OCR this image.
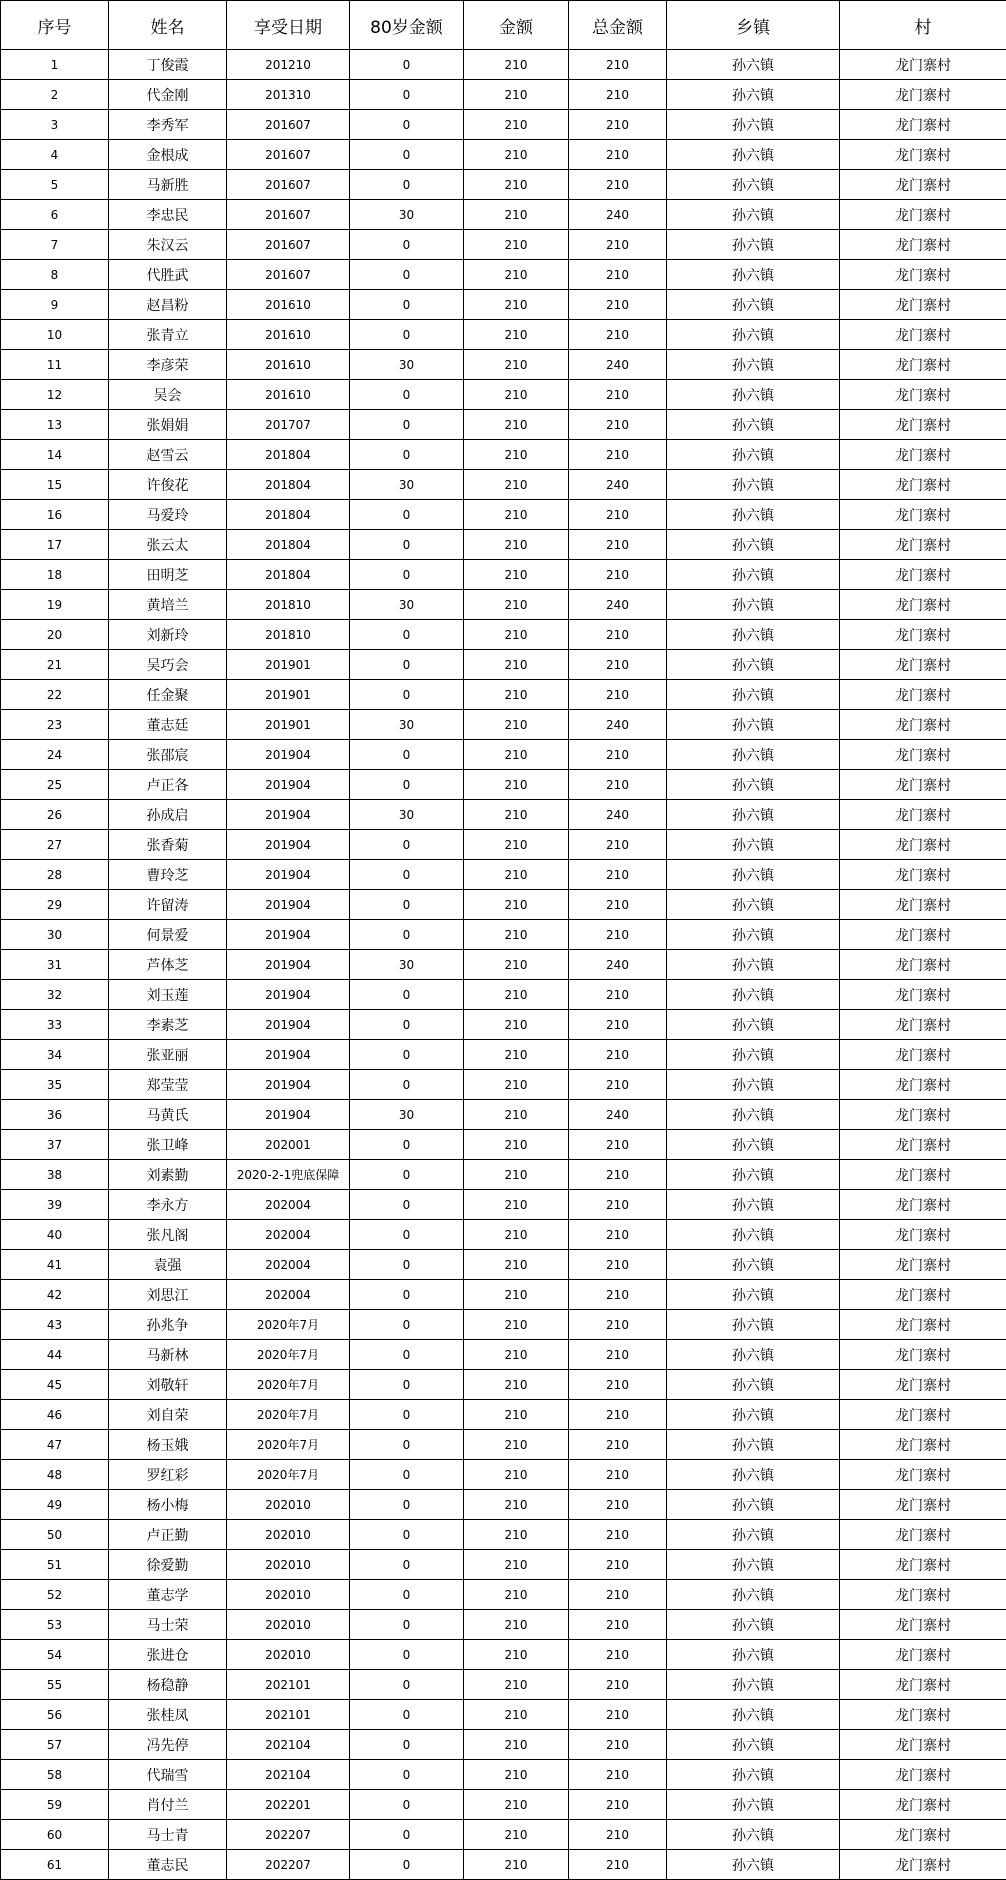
序号	姓名	享受日期	80岁金额	金额	总金额	乡镇	村
1	丁俊霞	201210	0	210	210	孙六镇	龙门寨村
2	代金刚	201310	0	210	210	孙六镇	龙门寨村
3	李秀军	201607	0	210	210	孙六镇	龙门寨村
4	金根成	201607	0	210	210	孙六镇	龙门寨村
5	马新胜	201607	0	210	210	孙六镇	龙门寨村
6	李忠民	201607	30	210	240	孙六镇	龙门寨村
7	朱汉云	201607	0	210	210	孙六镇	龙门寨村
8	代胜武	201607	0	210	210	孙六镇	龙门寨村
9	赵昌粉	201610	0	210	210	孙六镇	龙门寨村
10	张青立	201610	0	210	210	孙六镇	龙门寨村
11	李彦荣	201610	30	210	240	孙六镇	龙门寨村
12	吴会	201610	0	210	210	孙六镇	龙门寨村
13	张娟娟	201707	0	210	210	孙六镇	龙门寨村
14	赵雪云	201804	0	210	210	孙六镇	龙门寨村
15	许俊花	201804	30	210	240	孙六镇	龙门寨村
16	马爱玲	201804	0	210	210	孙六镇	龙门寨村
17	张云太	201804	0	210	210	孙六镇	龙门寨村
18	田明芝	201804	0	210	210	孙六镇	龙门寨村
19	黄培兰	201810	30	210	240	孙六镇	龙门寨村
20	刘新玲	201810	0	210	210	孙六镇	龙门寨村
21	吴巧会	201901	0	210	210	孙六镇	龙门寨村
22	任金聚	201901	0	210	210	孙六镇	龙门寨村
23	董志廷	201901	30	210	240	孙六镇	龙门寨村
24	张邵宸	201904	0	210	210	孙六镇	龙门寨村
25	卢正各	201904	0	210	210	孙六镇	龙门寨村
26	孙成启	201904	30	210	240	孙六镇	龙门寨村
27	张香菊	201904	0	210	210	孙六镇	龙门寨村
28	曹玲芝	201904	0	210	210	孙六镇	龙门寨村
29	许留涛	201904	0	210	210	孙六镇	龙门寨村
30	何景爱	201904	0	210	210	孙六镇	龙门寨村
31	芦体芝	201904	30	210	240	孙六镇	龙门寨村
32	刘玉莲	201904	0	210	210	孙六镇	龙门寨村
33	李素芝	201904	0	210	210	孙六镇	龙门寨村
34	张亚丽	201904	0	210	210	孙六镇	龙门寨村
35	郑莹莹	201904	0	210	210	孙六镇	龙门寨村
36	马黄氏	201904	30	210	240	孙六镇	龙门寨村
37	张卫峰	202001	0	210	210	孙六镇	龙门寨村
38	刘素勤	2020-2-1兜底保障	0	210	210	孙六镇	龙门寨村
39	李永方	202004	0	210	210	孙六镇	龙门寨村
40	张凡阁	202004	0	210	210	孙六镇	龙门寨村
41	袁强	202004	0	210	210	孙六镇	龙门寨村
42	刘思江	202004	0	210	210	孙六镇	龙门寨村
43	孙兆争	2020年7月	0	210	210	孙六镇	龙门寨村
44	马新林	2020年7月	0	210	210	孙六镇	龙门寨村
45	刘敬轩	2020年7月	0	210	210	孙六镇	龙门寨村
46	刘自荣	2020年7月	0	210	210	孙六镇	龙门寨村
47	杨玉娥	2020年7月	0	210	210	孙六镇	龙门寨村
48	罗红彩	2020年7月	0	210	210	孙六镇	龙门寨村
49	杨小梅	202010	0	210	210	孙六镇	龙门寨村
50	卢正勤	202010	0	210	210	孙六镇	龙门寨村
51	徐爱勤	202010	0	210	210	孙六镇	龙门寨村
52	董志学	202010	0	210	210	孙六镇	龙门寨村
53	马士荣	202010	0	210	210	孙六镇	龙门寨村
54	张进仓	202010	0	210	210	孙六镇	龙门寨村
55	杨稳静	202101	0	210	210	孙六镇	龙门寨村
56	张桂凤	202101	0	210	210	孙六镇	龙门寨村
57	冯先停	202104	0	210	210	孙六镇	龙门寨村
58	代瑞雪	202104	0	210	210	孙六镇	龙门寨村
59	肖付兰	202201	0	210	210	孙六镇	龙门寨村
60	马士青	202207	0	210	210	孙六镇	龙门寨村
61	董志民	202207	0	210	210	孙六镇	龙门寨村
